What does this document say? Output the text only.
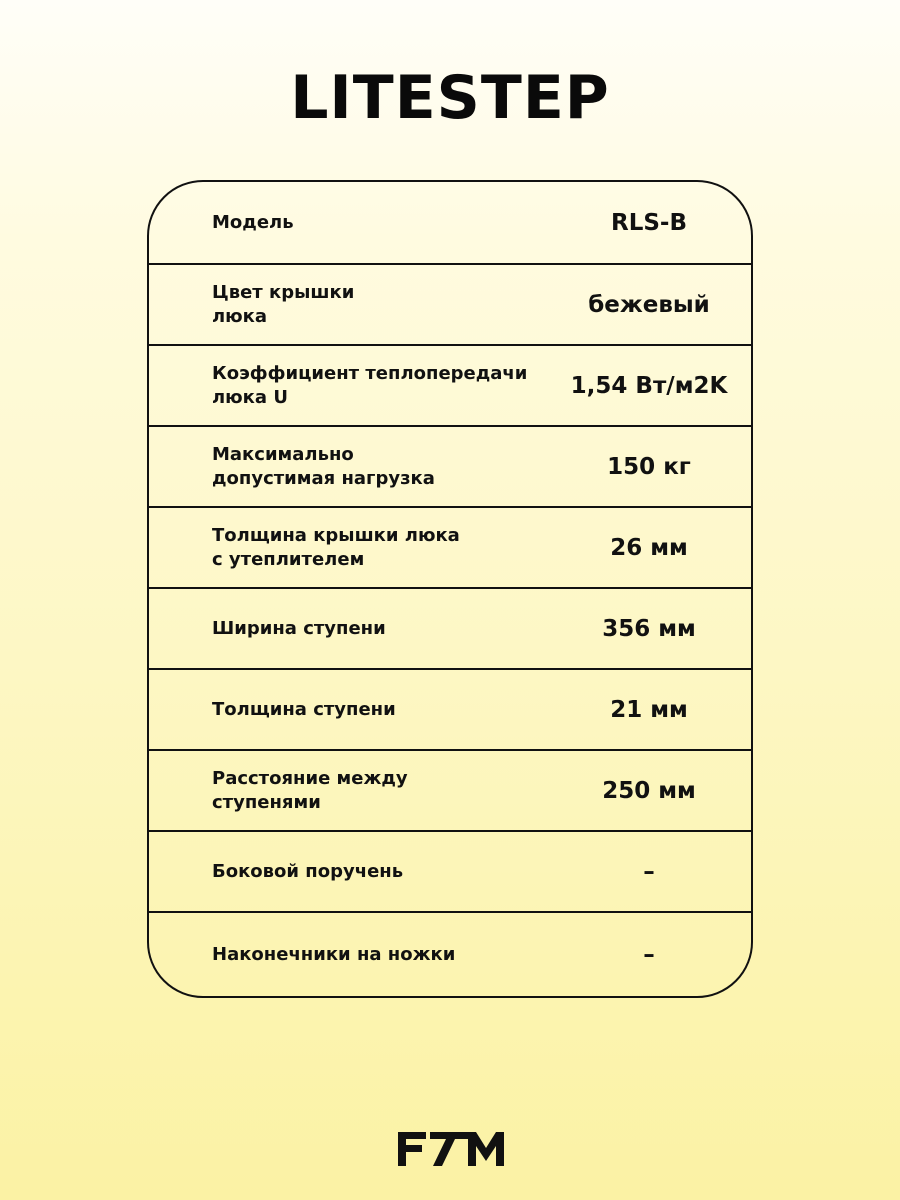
LITESTEP
Модель	RLS-B
Цвет крышки
люка	бежевый
Коэффициент теплопередачи
люка U	1,54 Вт/м2K
Максимально
допустимая нагрузка	150 кг
Толщина крышки люка
с утеплителем	26 мм
Ширина ступени	356 мм
Толщина ступени	21 мм
Расстояние между
ступенями	250 мм
Боковой поручень	–
Наконечники на ножки	–
